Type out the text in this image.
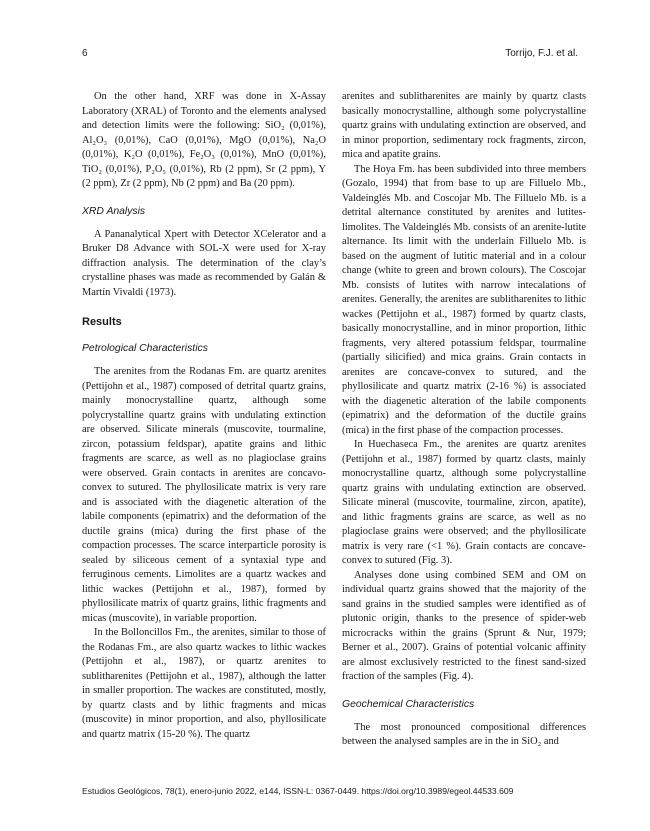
6	Torrijo, F.J. et al.

On the other hand, XRF was done in X-Assay Laboratory (XRAL) of Toronto and the elements analysed and detection limits were the following: SiO₂ (0,01%), Al₂O₃ (0,01%), CaO (0,01%), MgO (0,01%), Na₂O (0,01%), K₂O (0,01%), Fe₂O₃ (0,01%), MnO (0,01%), TiO₂ (0,01%), P₂O₅ (0,01%), Rb (2 ppm), Sr (2 ppm), Y (2 ppm), Zr (2 ppm), Nb (2 ppm) and Ba (20 ppm).

XRD Analysis

A Pananalytical Xpert with Detector XCelerator and a Bruker D8 Advance with SOL-X were used for X-ray diffraction analysis. The determination of the clay’s crystalline phases was made as recommended by Galán & Martín Vivaldi (1973).

Results
Petrological Characteristics

The arenites from the Rodanas Fm. are quartz arenites (Pettijohn et al., 1987) composed of detrital quartz grains, mainly monocrystalline quartz, although some polycrystalline quartz grains with undulating extinction are observed. Silicate minerals (muscovite, tourmaline, zircon, potassium feldspar), apatite grains and lithic fragments are scarce, as well as no plagioclase grains were observed. Grain contacts in arenites are concavo-convex to sutured. The phyllosilicate matrix is very rare and is associated with the diagenetic alteration of the labile components (epimatrix) and the deformation of the ductile grains (mica) during the first phase of the compaction processes. The scarce interparticle porosity is sealed by siliceous cement of a syntaxial type and ferruginous cements. Limolites are a quartz wackes and lithic wackes (Pettijohn et al., 1987), formed by phyllosilicate matrix of quartz grains, lithic fragments and micas (muscovite), in variable proportion.

In the Bolloncillos Fm., the arenites, similar to those of the Rodanas Fm., are also quartz wackes to lithic wackes (Pettijohn et al., 1987), or quartz arenites to sublitharenites (Pettijohn et al., 1987), although the latter in smaller proportion. The wackes are constituted, mostly, by quartz clasts and by lithic fragments and micas (muscovite) in minor proportion, and also, phyllosilicate and quartz matrix (15-20 %). The quartz

arenites and sublitharenites are mainly by quartz clasts basically monocrystalline, although some polycrystalline quartz grains with undulating extinction are observed, and in minor proportion, sedimentary rock fragments, zircon, mica and apatite grains.

The Hoya Fm. has been subdivided into three members (Gozalo, 1994) that from base to up are Filluelo Mb., Valdeinglés Mb. and Coscojar Mb. The Filluelo Mb. is a detrital alternance constituted by arenites and lutites-limolites. The Valdeinglés Mb. consists of an arenite-lutite alternance. Its limit with the underlain Filluelo Mb. is based on the augment of lutitic material and in a colour change (white to green and brown colours). The Coscojar Mb. consists of lutites with narrow intecalations of arenites. Generally, the arenites are sublitharenites to lithic wackes (Pettijohn et al., 1987) formed by quartz clasts, basically monocrystalline, and in minor proportion, lithic fragments, very altered potassium feldspar, tourmaline (partially silicified) and mica grains. Grain contacts in arenites are concave-convex to sutured, and the phyllosilicate and quartz matrix (2-16 %) is associated with the diagenetic alteration of the labile components (epimatrix) and the deformation of the ductile grains (mica) in the first phase of the compaction processes.

In Huechaseca Fm., the arenites are quartz arenites (Pettijohn et al., 1987) formed by quartz clasts, mainly monocrystalline quartz, although some polycrystalline quartz grains with undulating extinction are observed. Silicate mineral (muscovite, tourmaline, zircon, apatite), and lithic fragments grains are scarce, as well as no plagioclase grains were observed; and the phyllosilicate matrix is very rare (<1 %). Grain contacts are concave-convex to sutured (Fig. 3).

Analyses done using combined SEM and OM on individual quartz grains showed that the majority of the sand grains in the studied samples were identified as of plutonic origin, thanks to the presence of spider-web microcracks within the grains (Sprunt & Nur, 1979; Berner et al., 2007). Grains of potential volcanic affinity are almost exclusively restricted to the finest sand-sized fraction of the samples (Fig. 4).

Geochemical Characteristics

The most pronounced compositional differences between the analysed samples are in the in SiO₂ and

Estudios Geológicos, 78(1), enero-junio 2022, e144, ISSN-L: 0367-0449. https://doi.org/10.3989/egeol.44533.609
